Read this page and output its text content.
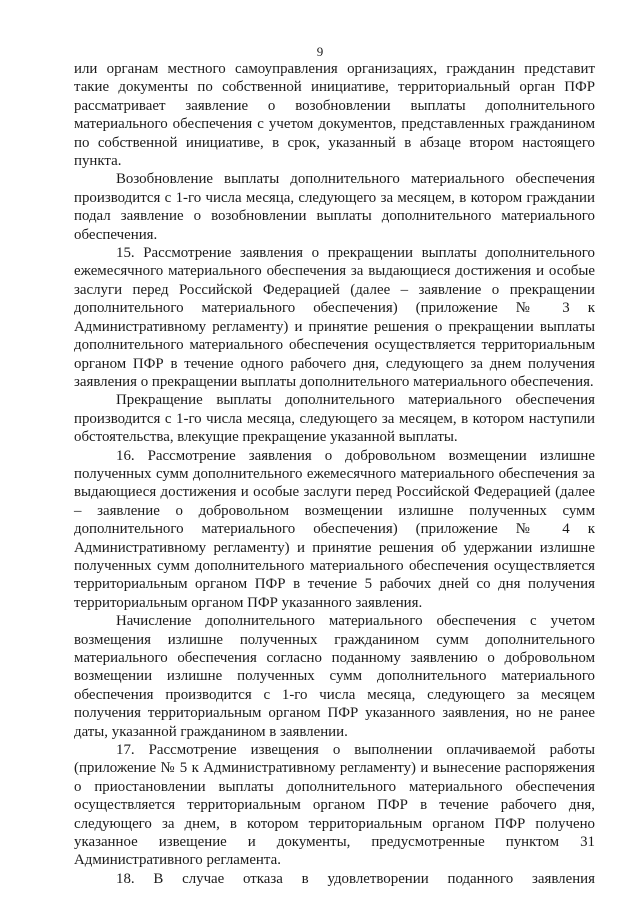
9

или органам местного самоуправления организациях, гражданин представит такие документы по собственной инициативе, территориальный орган ПФР рассматривает заявление о возобновлении выплаты дополнительного материального обеспечения с учетом документов, представленных гражданином по собственной инициативе, в срок, указанный в абзаце втором настоящего пункта.

Возобновление выплаты дополнительного материального обеспечения производится с 1-го числа месяца, следующего за месяцем, в котором граждании подал заявление о возобновлении выплаты дополнительного материального обеспечения.

15. Рассмотрение заявления о прекращении выплаты дополнительного ежемесячного материального обеспечения за выдающиеся достижения и особые заслуги перед Российской Федерацией (далее – заявление о прекращении дополнительного материального обеспечения) (приложение № 3 к Административному регламенту) и принятие решения о прекращении выплаты дополнительного материального обеспечения осуществляется территориальным органом ПФР в течение одного рабочего дня, следующего за днем получения заявления о прекращении выплаты дополнительного материального обеспечения.

Прекращение выплаты дополнительного материального обеспечения производится с 1-го числа месяца, следующего за месяцем, в котором наступили обстоятельства, влекущие прекращение указанной выплаты.

16. Рассмотрение заявления о добровольном возмещении излишне полученных сумм дополнительного ежемесячного материального обеспечения за выдающиеся достижения и особые заслуги перед Российской Федерацией (далее – заявление о добровольном возмещении излишне полученных сумм дополнительного материального обеспечения) (приложение № 4 к Административному регламенту) и принятие решения об удержании излишне полученных сумм дополнительного материального обеспечения осуществляется территориальным органом ПФР в течение 5 рабочих дней со дня получения территориальным органом ПФР указанного заявления.

Начисление дополнительного материального обеспечения с учетом возмещения излишне полученных гражданином сумм дополнительного материального обеспечения согласно поданному заявлению о добровольном возмещении излишне полученных сумм дополнительного материального обеспечения производится с 1-го числа месяца, следующего за месяцем получения территориальным органом ПФР указанного заявления, но не ранее даты, указанной гражданином в заявлении.

17. Рассмотрение извещения о выполнении оплачиваемой работы (приложение № 5 к Административному регламенту) и вынесение распоряжения о приостановлении выплаты дополнительного материального обеспечения осуществляется территориальным органом ПФР в течение рабочего дня, следующего за днем, в котором территориальным органом ПФР получено указанное извещение и документы, предусмотренные пунктом 31 Административного регламента.

18. В случае отказа в удовлетворении поданного заявления
